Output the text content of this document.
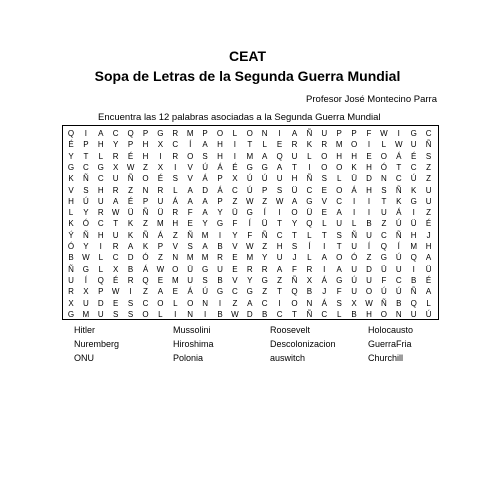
CEAT
Sopa de Letras de la Segunda Guerra Mundial
Profesor José Montecino Parra
Encuentra las 12 palabras asociadas a la Segunda Guerra Mundial
Q	I	A	C	Q	P	G	R	M	P	O	L	O	N	I	A	Ñ	U	P	P	F	W	I	G	C
É	P	H	Y	P	H	X	C	Í	A	H	I	T	L	E	R	K	R	M	O	I	L	W	U	Ñ
Y	T	L	R	É	H	I	R	O	S	H	I	M	A	Q	U	L	O	H	H	E	O	Á	É	S
G	C	G	X	W	Z	X	I	V	Ú	Á	É	G	G	A	T	I	O	O	K	H	Ó	T	C	Z
K	Ñ	C	U	Ñ	O	É	S	V	Á	P	X	Ú	Ú	U	H	Ñ	S	L	Ü	D	N	C	Ú	Z
V	S	H	R	Z	N	R	L	A	D	Á	C	Ú	P	S	Ü	C	E	O	Á	H	S	Ñ	K	U
H	Ú	U	A	É	P	U	Á	A	A	P	Z	W	Z	W	A	G	V	C	I	I	T	K	G	U
L	Y	R	W	Ü	Ñ	Ü	R	F	A	Y	Ü	G	Í	I	O	Ü	E	A	I	I	U	Á	I	Z
K	Ó	C	T	K	Z	M	H	E	Y	G	F	Í	Ü	T	Y	Q	L	U	L	B	Z	Ú	Ü	É
Ý	Ñ	H	U	K	Ñ	Á	Z	Ñ	M	I	Y	F	Ñ	C	T	L	T	S	Ñ	U	C	Ñ	H	J
Ó	Y	I	R	A	K	P	V	S	A	B	V	W	Z	H	S	Í	I	T	U	Í	Q	Í	M	H
B	W	L	C	D	Ó	Z	N	M	M	R	E	M	Y	U	J	L	A	O	Ó	Z	G	Ú	Q	A
Ñ	G	L	X	B	Á	W	O	Ü	G	U	E	R	R	A	F	R	I	A	U	D	Ü	U	I	Ü
U	Í	Q	É	R	Q	E	M	U	S	B	V	Y	G	Z	Ñ	X	Á	G	Ú	U	F	C	B	É
R	X	P	W	I	Z	A	E	Á	Ú	G	C	G	Z	T	Q	B	J	F	U	O	Ú	Ú	Ñ	A
X	U	D	E	S	C	O	L	O	N	I	Z	A	C	I	O	N	Á	S	X	W	Ñ	B	Q	L
G	M	U	S	S	O	L	I	N	I	B	W	D	B	C	T	Ñ	C	L	B	H	O	N	U	Ú
Hitler	Mussolini	Roosevelt	Holocausto
Nuremberg	Hiroshima	Descolonizacion	GuerraFria
ONU	Polonia	auswitch	Churchill
